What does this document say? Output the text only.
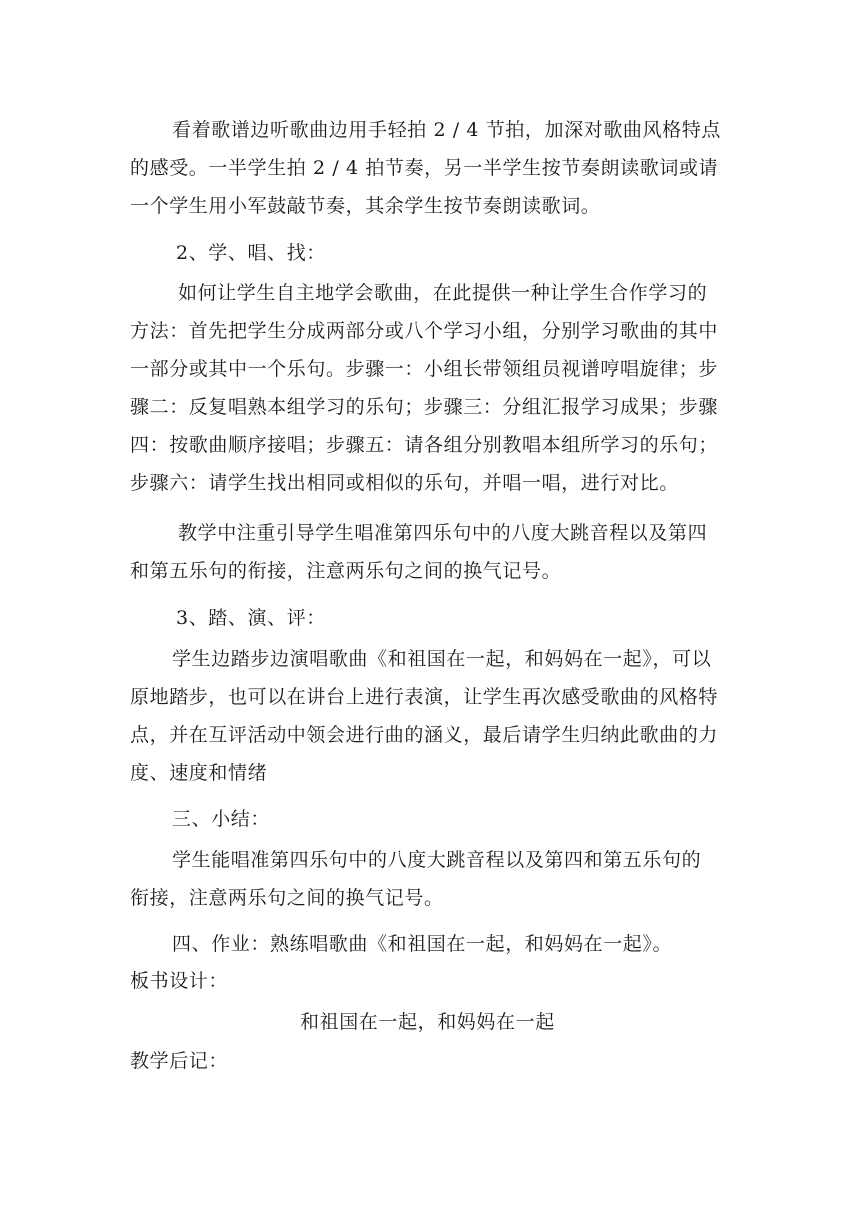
看着歌谱边听歌曲边用手轻拍 2 / 4 节拍，加深对歌曲风格特点
的感受。一半学生拍 2 / 4 拍节奏，另一半学生按节奏朗读歌词或请
一个学生用小军鼓敲节奏，其余学生按节奏朗读歌词。
2、学、唱、找：
如何让学生自主地学会歌曲，在此提供一种让学生合作学习的
方法：首先把学生分成两部分或八个学习小组，分别学习歌曲的其中
一部分或其中一个乐句。步骤一：小组长带领组员视谱哼唱旋律；步
骤二：反复唱熟本组学习的乐句；步骤三：分组汇报学习成果；步骤
四：按歌曲顺序接唱；步骤五：请各组分别教唱本组所学习的乐句；
步骤六：请学生找出相同或相似的乐句，并唱一唱，进行对比。
教学中注重引导学生唱准第四乐句中的八度大跳音程以及第四
和第五乐句的衔接，注意两乐句之间的换气记号。
3、踏、演、评：
学生边踏步边演唱歌曲《和祖国在一起，和妈妈在一起》，可以
原地踏步，也可以在讲台上进行表演，让学生再次感受歌曲的风格特
点，并在互评活动中领会进行曲的涵义，最后请学生归纳此歌曲的力
度、速度和情绪
三、小结：
学生能唱准第四乐句中的八度大跳音程以及第四和第五乐句的
衔接，注意两乐句之间的换气记号。
四、作业：熟练唱歌曲《和祖国在一起，和妈妈在一起》。
板书设计：
和祖国在一起，和妈妈在一起
教学后记：
